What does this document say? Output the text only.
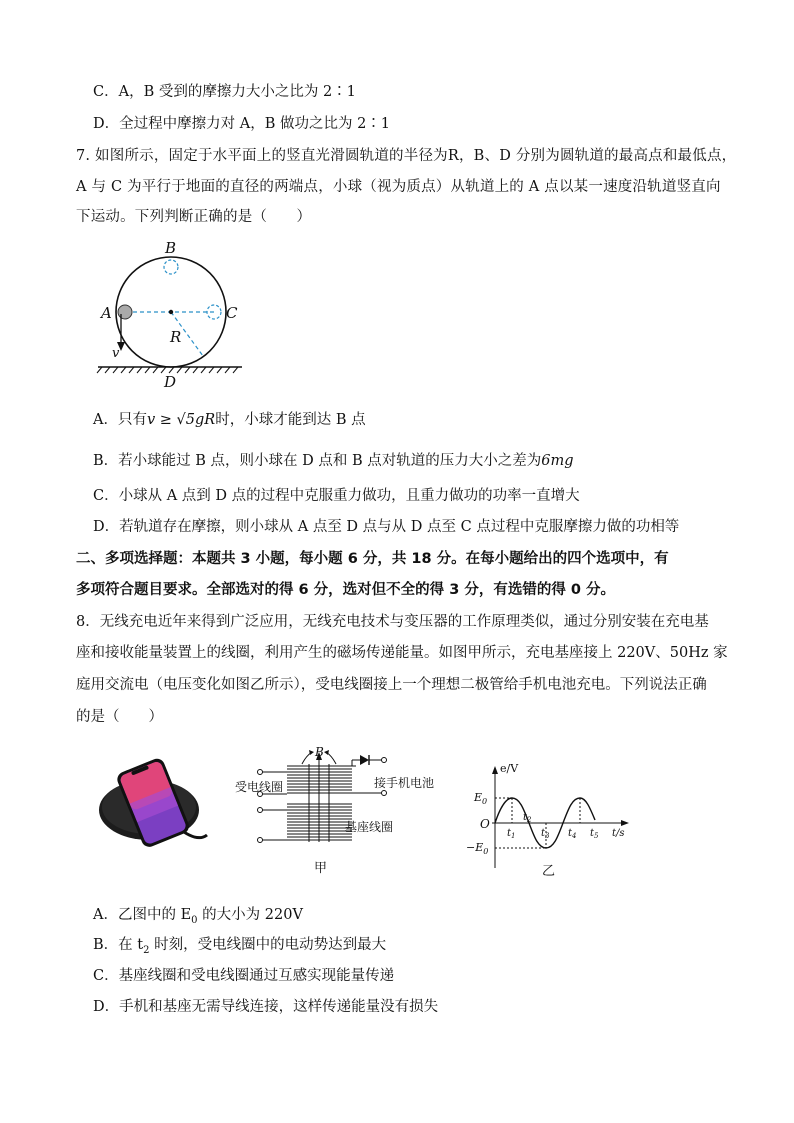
C．A，B 受到的摩擦力大小之比为 2∶1
D．全过程中摩擦力对 A，B 做功之比为 2∶1
7. 如图所示，固定于水平面上的竖直光滑圆轨道的半径为R，B、D 分别为圆轨道的最高点和最低点，
A 与 C 为平行于地面的直径的两端点，小球（视为质点）从轨道上的 A 点以某一速度沿轨道竖直向
下运动。下列判断正确的是（　　）
B
A	C
R
v
D
A．只有v ≥ √5gR时，小球才能到达 B 点
B．若小球能过 B 点，则小球在 D 点和 B 点对轨道的压力大小之差为6mg
C．小球从 A 点到 D 点的过程中克服重力做功，且重力做功的功率一直增大
D．若轨道存在摩擦，则小球从 A 点至 D 点与从 D 点至 C 点过程中克服摩擦力做的功相等
二、多项选择题：本题共 3 小题，每小题 6 分，共 18 分。在每小题给出的四个选项中，有
多项符合题目要求。全部选对的得 6 分，选对但不全的得 3 分，有选错的得 0 分。
8．无线充电近年来得到广泛应用，无线充电技术与变压器的工作原理类似，通过分别安装在充电基
座和接收能量装置上的线圈，利用产生的磁场传递能量。如图甲所示，充电基座接上 220V、50Hz 家
庭用交流电（电压变化如图乙所示），受电线圈接上一个理想二极管给手机电池充电。下列说法正确
的是（　　）
B
受电线圈	接手机电池
基座线圈
甲
e/V
$E_0$
$-E_0$
O
$t_1$
$t_2$
$t_3$ $t_4$ $t_5$ t/s
乙
A．乙图中的 $E_0$ 的大小为 220V
B．在 $t_2$ 时刻，受电线圈中的电动势达到最大
C．基座线圈和受电线圈通过互感实现能量传递
D．手机和基座无需导线连接，这样传递能量没有损失
